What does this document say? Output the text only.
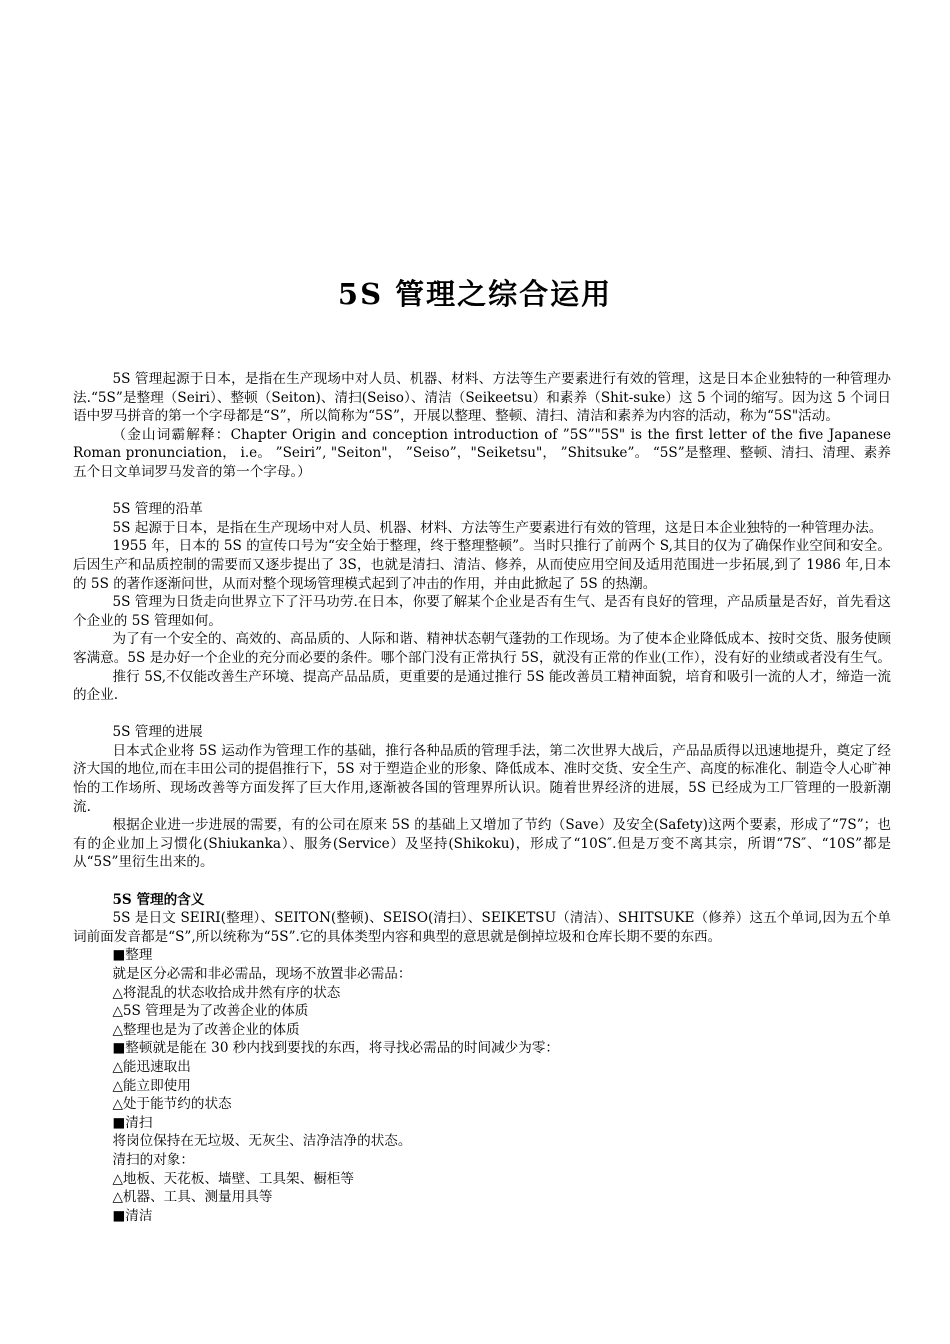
5S 管理之综合运用

5S 管理起源于日本，是指在生产现场中对人员、机器、材料、方法等生产要素进行有效的管理，这是日本企业独特的一种管理办法.“5S”是整理（Seiri）、整顿（Seiton)、清扫(Seiso）、清洁（Seikeetsu）和素养（Shit-suke）这 5 个词的缩写。因为这 5 个词日语中罗马拼音的第一个字母都是“S”，所以简称为“5S”，开展以整理、整顿、清扫、清洁和素养为内容的活动，称为“5S"活动。

（金山词霸解释：Chapter Origin and conception introduction of ”5S”"5S" is the first letter of the five Japanese Roman pronunciation， i.e。 ”Seiri”, "Seiton"， ”Seiso”，"Seiketsu"， ”Shitsuke”。 “5S”是整理、整顿、清扫、清理、素养五个日文单词罗马发音的第一个字母。）

5S 管理的沿革

5S 起源于日本，是指在生产现场中对人员、机器、材料、方法等生产要素进行有效的管理，这是日本企业独特的一种管理办法。

1955 年，日本的 5S 的宣传口号为“安全始于整理，终于整理整顿”。当时只推行了前两个 S,其目的仅为了确保作业空间和安全。后因生产和品质控制的需要而又逐步提出了 3S，也就是清扫、清洁、修养，从而使应用空间及适用范围进一步拓展,到了 1986 年,日本的 5S 的著作逐渐问世，从而对整个现场管理模式起到了冲击的作用，并由此掀起了 5S 的热潮。

5S 管理为日货走向世界立下了汗马功劳.在日本，你要了解某个企业是否有生气、是否有良好的管理，产品质量是否好，首先看这个企业的 5S 管理如何。

为了有一个安全的、高效的、高品质的、人际和谐、精神状态朝气蓬勃的工作现场。为了使本企业降低成本、按时交货、服务使顾客满意。5S 是办好一个企业的充分而必要的条件。哪个部门没有正常执行 5S，就没有正常的作业(工作），没有好的业绩或者没有生气。

推行 5S,不仅能改善生产环境、提高产品品质，更重要的是通过推行 5S 能改善员工精神面貌，培育和吸引一流的人才，缔造一流的企业.

5S 管理的进展

日本式企业将 5S 运动作为管理工作的基础，推行各种品质的管理手法，第二次世界大战后，产品品质得以迅速地提升，奠定了经济大国的地位,而在丰田公司的提倡推行下，5S 对于塑造企业的形象、降低成本、准时交货、安全生产、高度的标准化、制造令人心旷神怡的工作场所、现场改善等方面发挥了巨大作用,逐渐被各国的管理界所认识。随着世界经济的进展，5S 已经成为工厂管理的一股新潮流.

根据企业进一步进展的需要，有的公司在原来 5S 的基础上又增加了节约（Save）及安全(Safety)这两个要素，形成了“7S”；也有的企业加上习惯化(Shiukanka）、服务(Service）及坚持(Shikoku)，形成了“10S″.但是万变不离其宗，所谓“7S″、“10S”都是从“5S”里衍生出来的。

5S 管理的含义

5S 是日文 SEIRI(整理）、SEITON(整顿)、SEISO(清扫）、SEIKETSU（清洁）、SHITSUKE（修养）这五个单词,因为五个单词前面发音都是“S”,所以统称为“5S”.它的具体类型内容和典型的意思就是倒掉垃圾和仓库长期不要的东西。

■整理
就是区分必需和非必需品，现场不放置非必需品：
△将混乱的状态收拾成井然有序的状态
△5S 管理是为了改善企业的体质
△整理也是为了改善企业的体质
■整顿就是能在 30 秒内找到要找的东西，将寻找必需品的时间减少为零：
△能迅速取出
△能立即使用
△处于能节约的状态
■清扫
将岗位保持在无垃圾、无灰尘、洁净洁净的状态。
清扫的对象：
△地板、天花板、墙壁、工具架、橱柜等
△机器、工具、测量用具等
■清洁
